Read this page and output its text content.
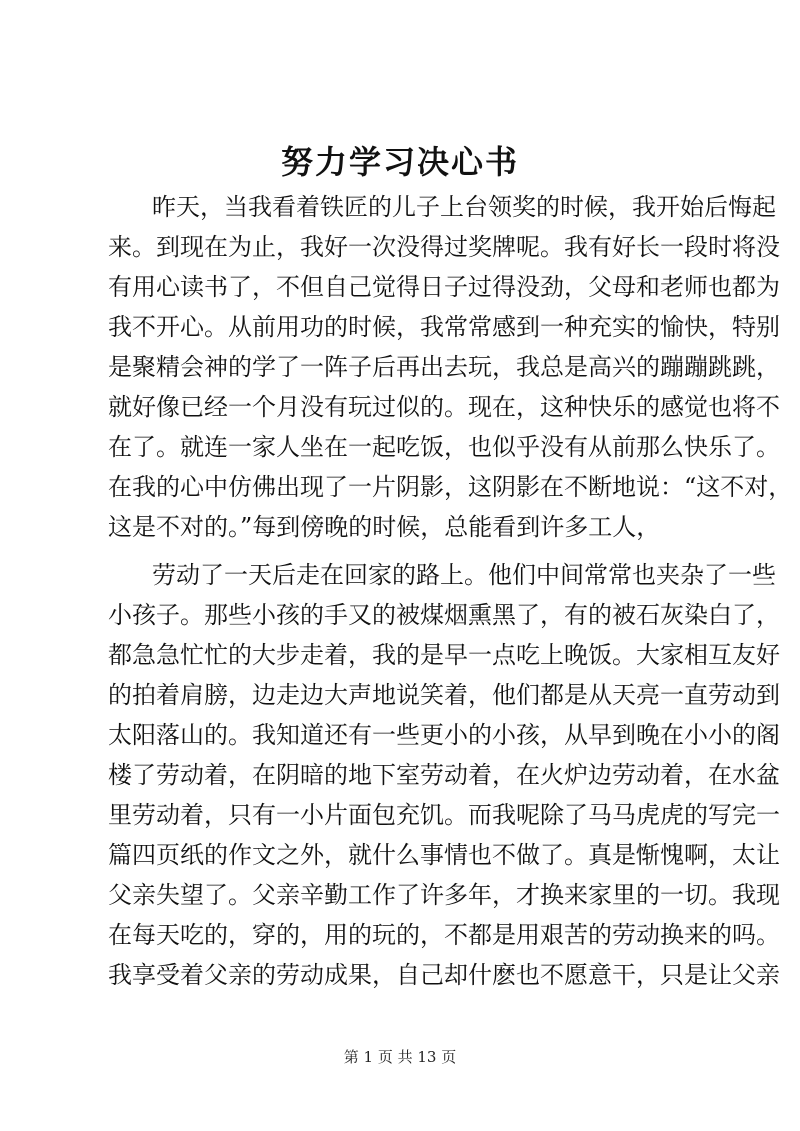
努力学习决心书
昨天，当我看着铁匠的儿子上台领奖的时候，我开始后悔起
来。到现在为止，我好一次没得过奖牌呢。我有好长一段时将没
有用心读书了，不但自己觉得日子过得没劲，父母和老师也都为
我不开心。从前用功的时候，我常常感到一种充实的愉快，特别
是聚精会神的学了一阵子后再出去玩，我总是高兴的蹦蹦跳跳，
就好像已经一个月没有玩过似的。现在，这种快乐的感觉也将不
在了。就连一家人坐在一起吃饭，也似乎没有从前那么快乐了。
在我的心中仿佛出现了一片阴影，这阴影在不断地说：“这不对，
这是不对的。”每到傍晚的时候，总能看到许多工人，
劳动了一天后走在回家的路上。他们中间常常也夹杂了一些
小孩子。那些小孩的手又的被煤烟熏黑了，有的被石灰染白了，
都急急忙忙的大步走着，我的是早一点吃上晚饭。大家相互友好
的拍着肩膀，边走边大声地说笑着，他们都是从天亮一直劳动到
太阳落山的。我知道还有一些更小的小孩，从早到晚在小小的阁
楼了劳动着，在阴暗的地下室劳动着，在火炉边劳动着，在水盆
里劳动着，只有一小片面包充饥。而我呢除了马马虎虎的写完一
篇四页纸的作文之外，就什么事情也不做了。真是惭愧啊，太让
父亲失望了。父亲辛勤工作了许多年，才换来家里的一切。我现
在每天吃的，穿的，用的玩的，不都是用艰苦的劳动换来的吗。
我享受着父亲的劳动成果，自己却什麽也不愿意干，只是让父亲
第 1 页 共 13 页
